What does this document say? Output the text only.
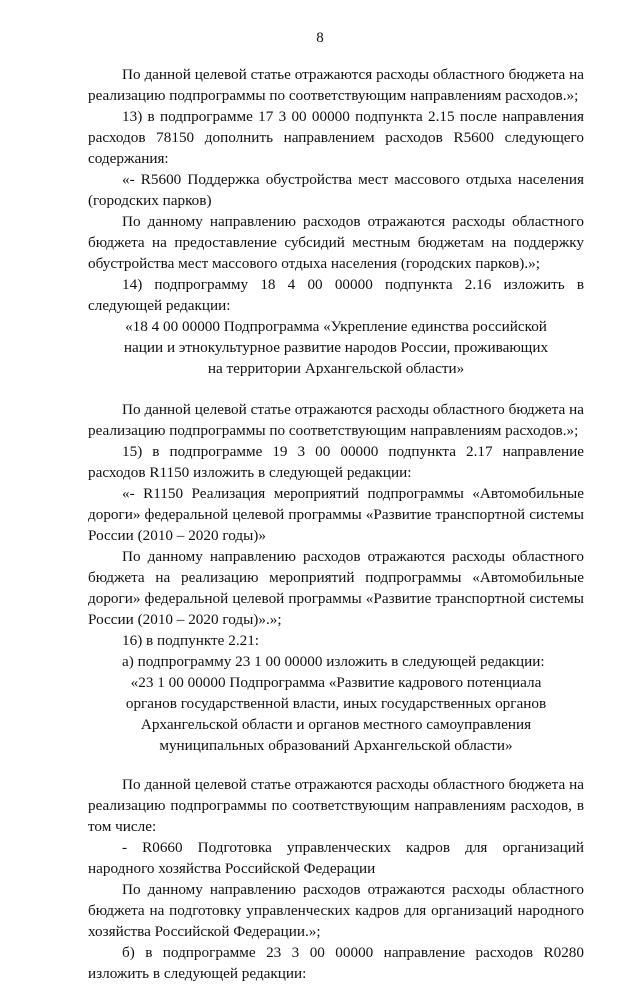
8

По данной целевой статье отражаются расходы областного бюджета на реализацию подпрограммы по соответствующим направлениям расходов.»;

13) в подпрограмме 17 3 00 00000 подпункта 2.15 после направления расходов 78150 дополнить направлением расходов R5600 следующего содержания:

«- R5600 Поддержка обустройства мест массового отдыха населения (городских парков)

По данному направлению расходов отражаются расходы областного бюджета на предоставление субсидий местным бюджетам на поддержку обустройства мест массового отдыха населения (городских парков).»;

14) подпрограмму 18 4 00 00000 подпункта 2.16 изложить в следующей редакции:

«18 4 00 00000 Подпрограмма «Укрепление единства российской

нации и этнокультурное развитие народов России, проживающих

на территории Архангельской области»

По данной целевой статье отражаются расходы областного бюджета на реализацию подпрограммы по соответствующим направлениям расходов.»;

15) в подпрограмме 19 3 00 00000 подпункта 2.17 направление расходов R1150 изложить в следующей редакции:

«- R1150 Реализация мероприятий подпрограммы «Автомобильные дороги» федеральной целевой программы «Развитие транспортной системы России (2010 – 2020 годы)»

По данному направлению расходов отражаются расходы областного бюджета на реализацию мероприятий подпрограммы «Автомобильные дороги» федеральной целевой программы «Развитие транспортной системы России (2010 – 2020 годы)».»;

16) в подпункте 2.21:

а) подпрограмму 23 1 00 00000 изложить в следующей редакции:

«23 1 00 00000 Подпрограмма «Развитие кадрового потенциала

органов государственной власти, иных государственных органов

Архангельской области и органов местного самоуправления

муниципальных образований Архангельской области»

По данной целевой статье отражаются расходы областного бюджета на реализацию подпрограммы по соответствующим направлениям расходов, в том числе:

- R0660 Подготовка управленческих кадров для организаций народного хозяйства Российской Федерации

По данному направлению расходов отражаются расходы областного бюджета на подготовку управленческих кадров для организаций народного хозяйства Российской Федерации.»;

б) в подпрограмме 23 3 00 00000 направление расходов R0280 изложить в следующей редакции:
